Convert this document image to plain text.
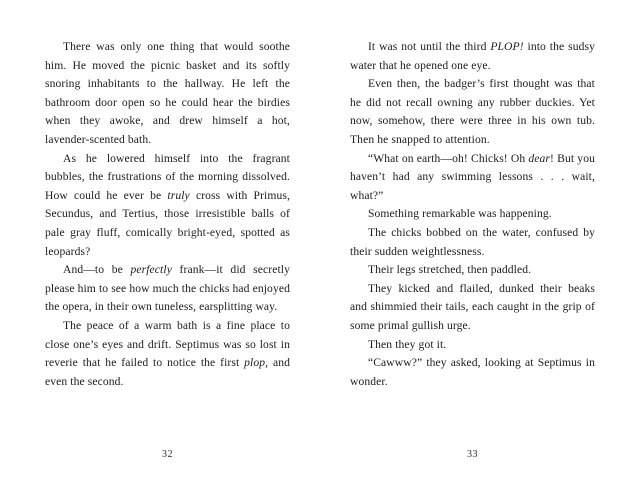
There was only one thing that would soothe him. He moved the picnic basket and its softly snoring inhabitants to the hallway. He left the bathroom door open so he could hear the birdies when they awoke, and drew himself a hot, lavender-scented bath.

As he lowered himself into the fragrant bubbles, the frustrations of the morning dissolved. How could he ever be truly cross with Primus, Secundus, and Tertius, those irresistible balls of pale gray fluff, comically bright-eyed, spotted as leopards?

And—to be perfectly frank—it did secretly please him to see how much the chicks had enjoyed the opera, in their own tuneless, earsplitting way.

The peace of a warm bath is a fine place to close one’s eyes and drift. Septimus was so lost in reverie that he failed to notice the first plop, and even the second.

32

It was not until the third PLOP! into the sudsy water that he opened one eye.

Even then, the badger’s first thought was that he did not recall owning any rubber duckies. Yet now, somehow, there were three in his own tub. Then he snapped to attention.

“What on earth—oh! Chicks! Oh dear! But you haven’t had any swimming lessons . . . wait, what?”

Something remarkable was happening.

The chicks bobbed on the water, confused by their sudden weightlessness.

Their legs stretched, then paddled.

They kicked and flailed, dunked their beaks and shimmied their tails, each caught in the grip of some primal gullish urge.

Then they got it.

“Cawww?” they asked, looking at Septimus in wonder.

33
